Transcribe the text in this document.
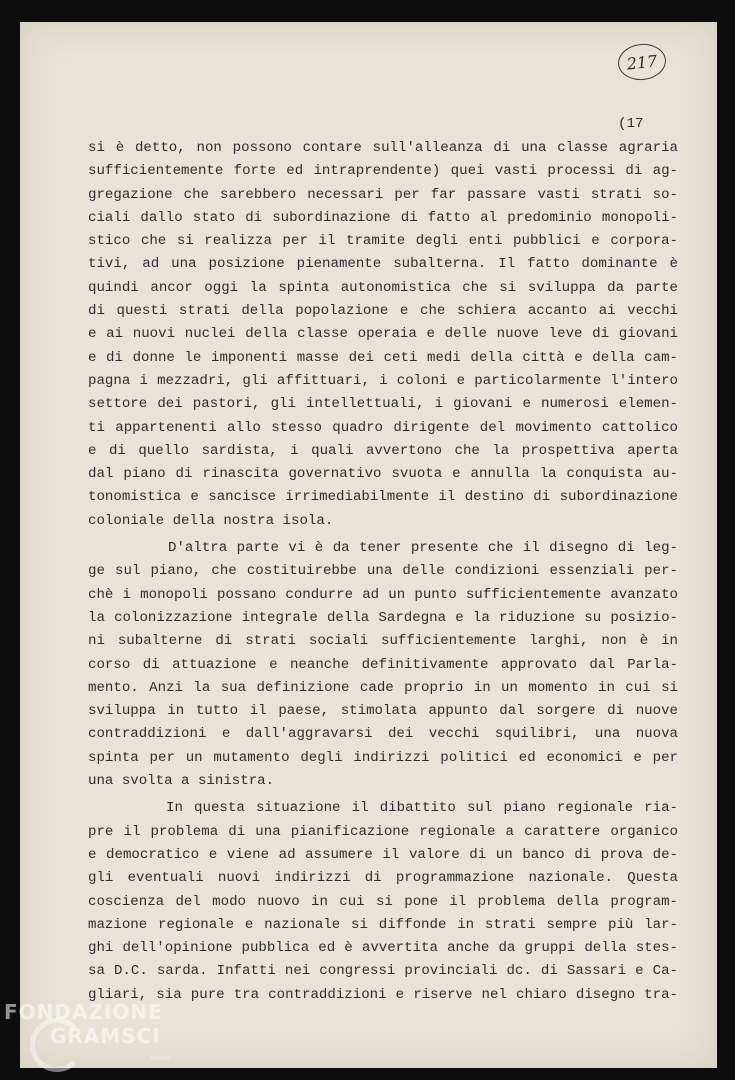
217
(17
si è detto, non possono contare sull'alleanza di una classe agraria
sufficientemente forte ed intraprendente) quei vasti processi di ag-
gregazione che sarebbero necessari per far passare vasti strati so-
ciali dallo stato di subordinazione di fatto al predominio monopoli-
stico che si realizza per il tramite degli enti pubblici e corpora-
tivi, ad una posizione pienamente subalterna. Il fatto dominante è
quindi ancor oggi la spinta autonomistica che si sviluppa da parte
di questi strati della popolazione e che schiera accanto ai vecchi
e ai nuovi nuclei della classe operaia e delle nuove leve di giovani
e di donne le imponenti masse dei ceti medi della città e della cam-
pagna i mezzadri, gli affittuari, i coloni e particolarmente l'intero
settore dei pastori, gli intellettuali, i giovani e numerosi elemen-
ti appartenenti allo stesso quadro dirigente del movimento cattolico
e di quello sardista, i quali avvertono che la prospettiva aperta
dal piano di rinascita governativo svuota e annulla la conquista au-
tonomistica e sancisce irrimediabilmente il destino di subordinazione
coloniale della nostra isola.
D'altra parte vi è da tener presente che il disegno di leg-
ge sul piano, che costituirebbe una delle condizioni essenziali per-
chè i monopoli possano condurre ad un punto sufficientemente avanzato
la colonizzazione integrale della Sardegna e la riduzione su posizio-
ni subalterne di strati sociali sufficientemente larghi, non è in
corso di attuazione e neanche definitivamente approvato dal Parla-
mento. Anzi la sua definizione cade proprio in un momento in cui si
sviluppa in tutto il paese, stimolata appunto dal sorgere di nuove
contraddizioni e dall'aggravarsi dei vecchi squilibri, una nuova
spinta per un mutamento degli indirizzi politici ed economici e per
una svolta a sinistra.
In questa situazione il dibattito sul piano regionale ria-
pre il problema di una pianificazione regionale a carattere organico
e democratico e viene ad assumere il valore di un banco di prova de-
gli eventuali nuovi indirizzi di programmazione nazionale. Questa
coscienza del modo nuovo in cui si pone il problema della program-
mazione regionale e nazionale si diffonde in strati sempre più lar-
ghi dell'opinione pubblica ed è avvertita anche da gruppi della stes-
sa D.C. sarda. Infatti nei congressi provinciali dc. di Sassari e Ca-
gliari, sia pure tra contraddizioni e riserve nel chiaro disegno tra-
FONDAZIONE
GRAMSCI
onlus
